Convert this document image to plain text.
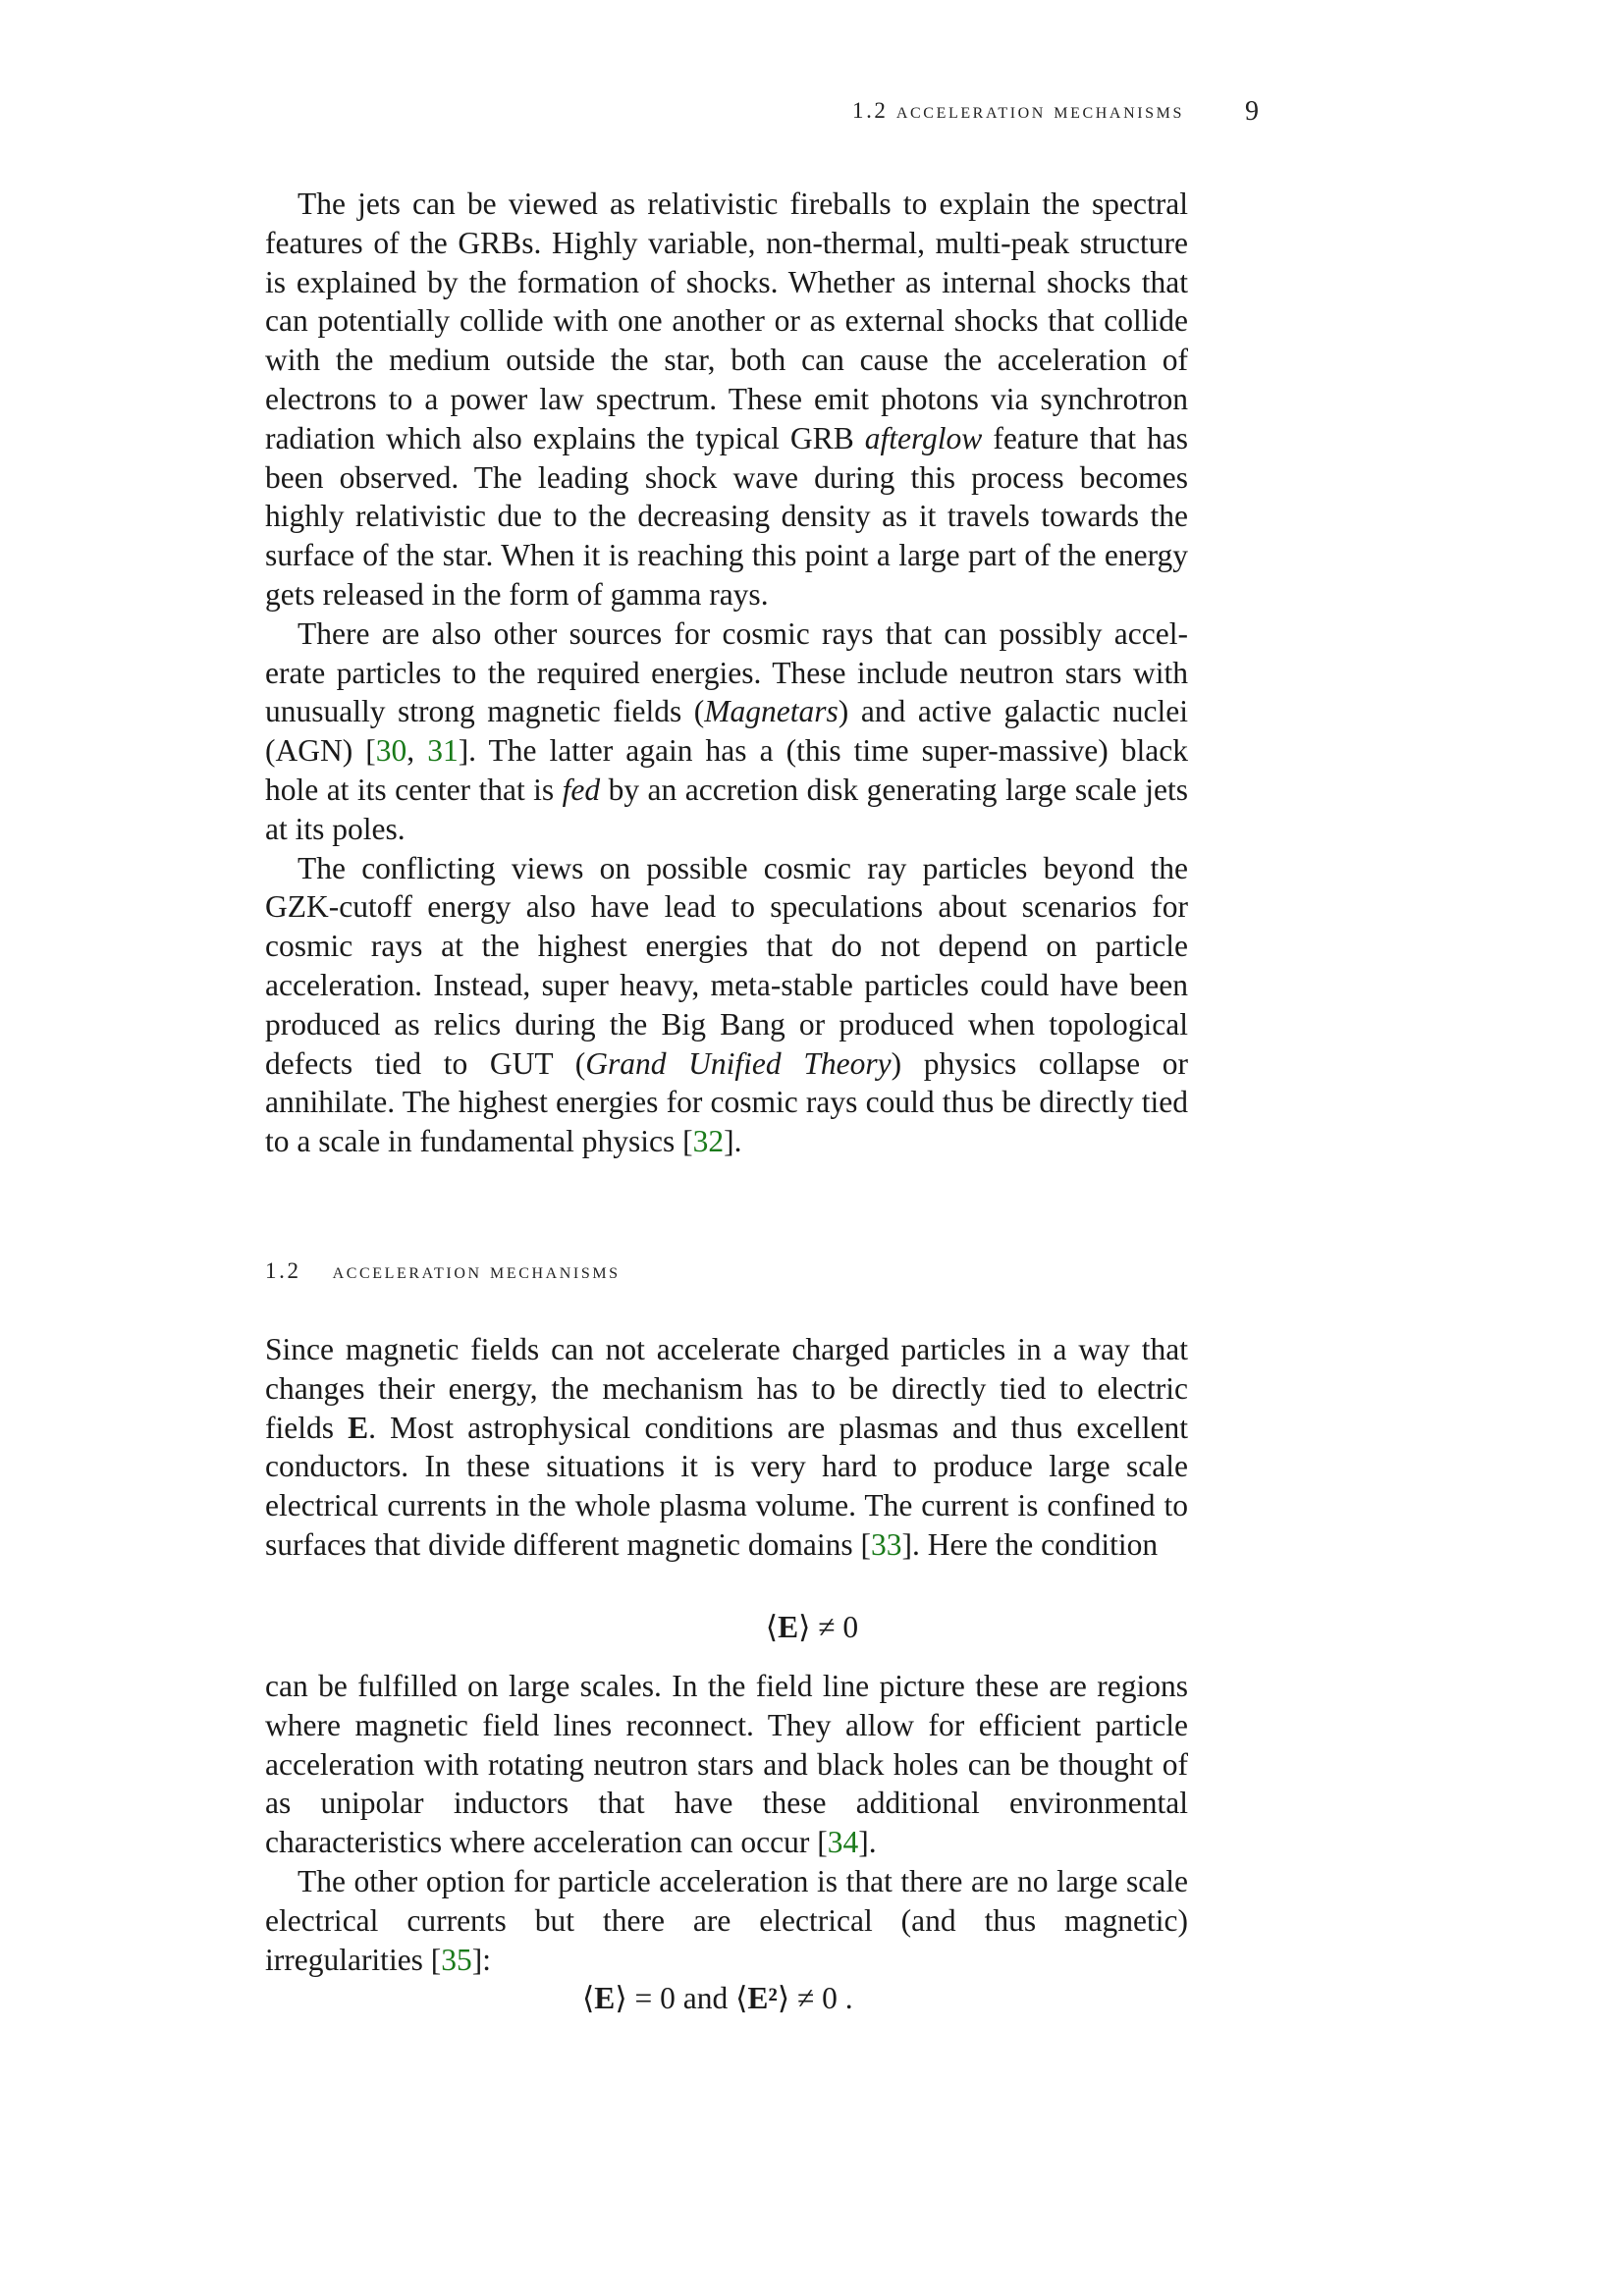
1.2 acceleration mechanisms 9

The jets can be viewed as relativistic fireballs to explain the spectral features of the GRBs. Highly variable, non-thermal, multi-peak structure is explained by the formation of shocks. Whether as internal shocks that can potentially collide with one another or as external shocks that collide with the medium outside the star, both can cause the acceleration of electrons to a power law spectrum. These emit photons via synchrotron radiation which also explains the typical GRB afterglow feature that has been observed. The leading shock wave during this process becomes highly relativistic due to the decreasing density as it travels towards the surface of the star. When it is reaching this point a large part of the energy gets released in the form of gamma rays.

There are also other sources for cosmic rays that can possibly accelerate particles to the required energies. These include neutron stars with unusually strong magnetic fields (Magnetars) and active galactic nuclei (AGN) [30, 31]. The latter again has a (this time super-massive) black hole at its center that is fed by an accretion disk generating large scale jets at its poles.

The conflicting views on possible cosmic ray particles beyond the GZK-cutoff energy also have lead to speculations about scenarios for cosmic rays at the highest energies that do not depend on particle acceleration. Instead, super heavy, meta-stable particles could have been produced as relics during the Big Bang or produced when topological defects tied to GUT (Grand Unified Theory) physics collapse or annihilate. The highest energies for cosmic rays could thus be directly tied to a scale in fundamental physics [32].

1.2 acceleration mechanisms

Since magnetic fields can not accelerate charged particles in a way that changes their energy, the mechanism has to be directly tied to electric fields E. Most astrophysical conditions are plasmas and thus excellent conductors. In these situations it is very hard to produce large scale electrical currents in the whole plasma volume. The current is confined to surfaces that divide different magnetic domains [33]. Here the condition

⟨E⟩ ≠ 0

can be fulfilled on large scales. In the field line picture these are regions where magnetic field lines reconnect. They allow for efficient particle acceleration with rotating neutron stars and black holes can be thought of as unipolar inductors that have these additional environmental characteristics where acceleration can occur [34].

The other option for particle acceleration is that there are no large scale electrical currents but there are electrical (and thus magnetic) irregularities [35]:

⟨E⟩ = 0 and ⟨E²⟩ ≠ 0 .
